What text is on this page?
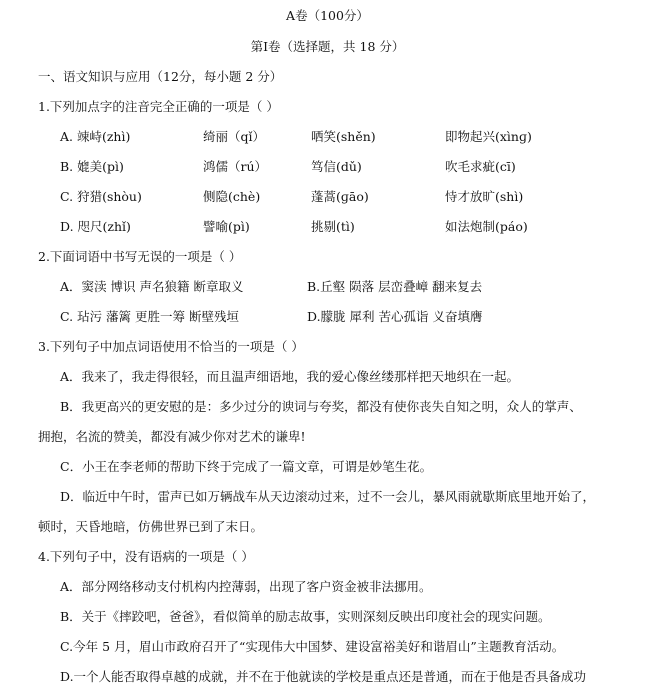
A卷（100分）
第Ⅰ卷（选择题，共 18 分）
一、语文知识与应用（12分，每小题 2 分）
1.下列加点字的注音完全正确的一项是（ ）
A. 竦峙(zhì)	绮丽（qǐ）	哂笑(shěn)	即物起兴(xìnɡ)
B. 媲美(pì)	鸿儒（rú）	笃信(dǔ)	吹毛求疵(cī)
C. 狩猎(shòu)	侧隐(chè)	蓬蒿(ɡāo)	恃才放旷(shì)
D. 咫尺(zhǐ)	譬喻(pì)	挑剔(tì)	如法炮制(páo)
2.下面词语中书写无误的一项是（ ）
A．窦渎 博识 声名狼籍 断章取义	B.丘壑 陨落 层峦叠嶂 翻来复去
C. 玷污 藩篱 更胜一筹 断壁残垣	D.朦胧 犀利 苦心孤诣 义奋填膺
3.下列句子中加点词语使用不恰当的一项是（ ）
A．我来了，我走得很轻，而且温声细语地，我的爱心像丝缕那样把天地织在一起。
B．我更高兴的更安慰的是：多少过分的谀词与夸奖，都没有使你丧失自知之明，众人的掌声、
拥抱，名流的赞美，都没有减少你对艺术的谦卑!
C．小王在李老师的帮助下终于完成了一篇文章，可谓是妙笔生花。
D．临近中午时，雷声已如万辆战车从天边滚动过来，过不一会儿，暴风雨就歇斯底里地开始了，
顿时，天昏地暗，仿佛世界已到了末日。
4.下列句子中，没有语病的一项是（ ）
A．部分网络移动支付机构内控薄弱，出现了客户资金被非法挪用。
B．关于《摔跤吧，爸爸》，看似简单的励志故事，实则深刻反映出印度社会的现实问题。
C.今年 5 月，眉山市政府召开了“实现伟大中国梦、建设富裕美好和谐眉山”主题教育活动。
D.一个人能否取得卓越的成就，并不在于他就读的学校是重点还是普通，而在于他是否具备成功
